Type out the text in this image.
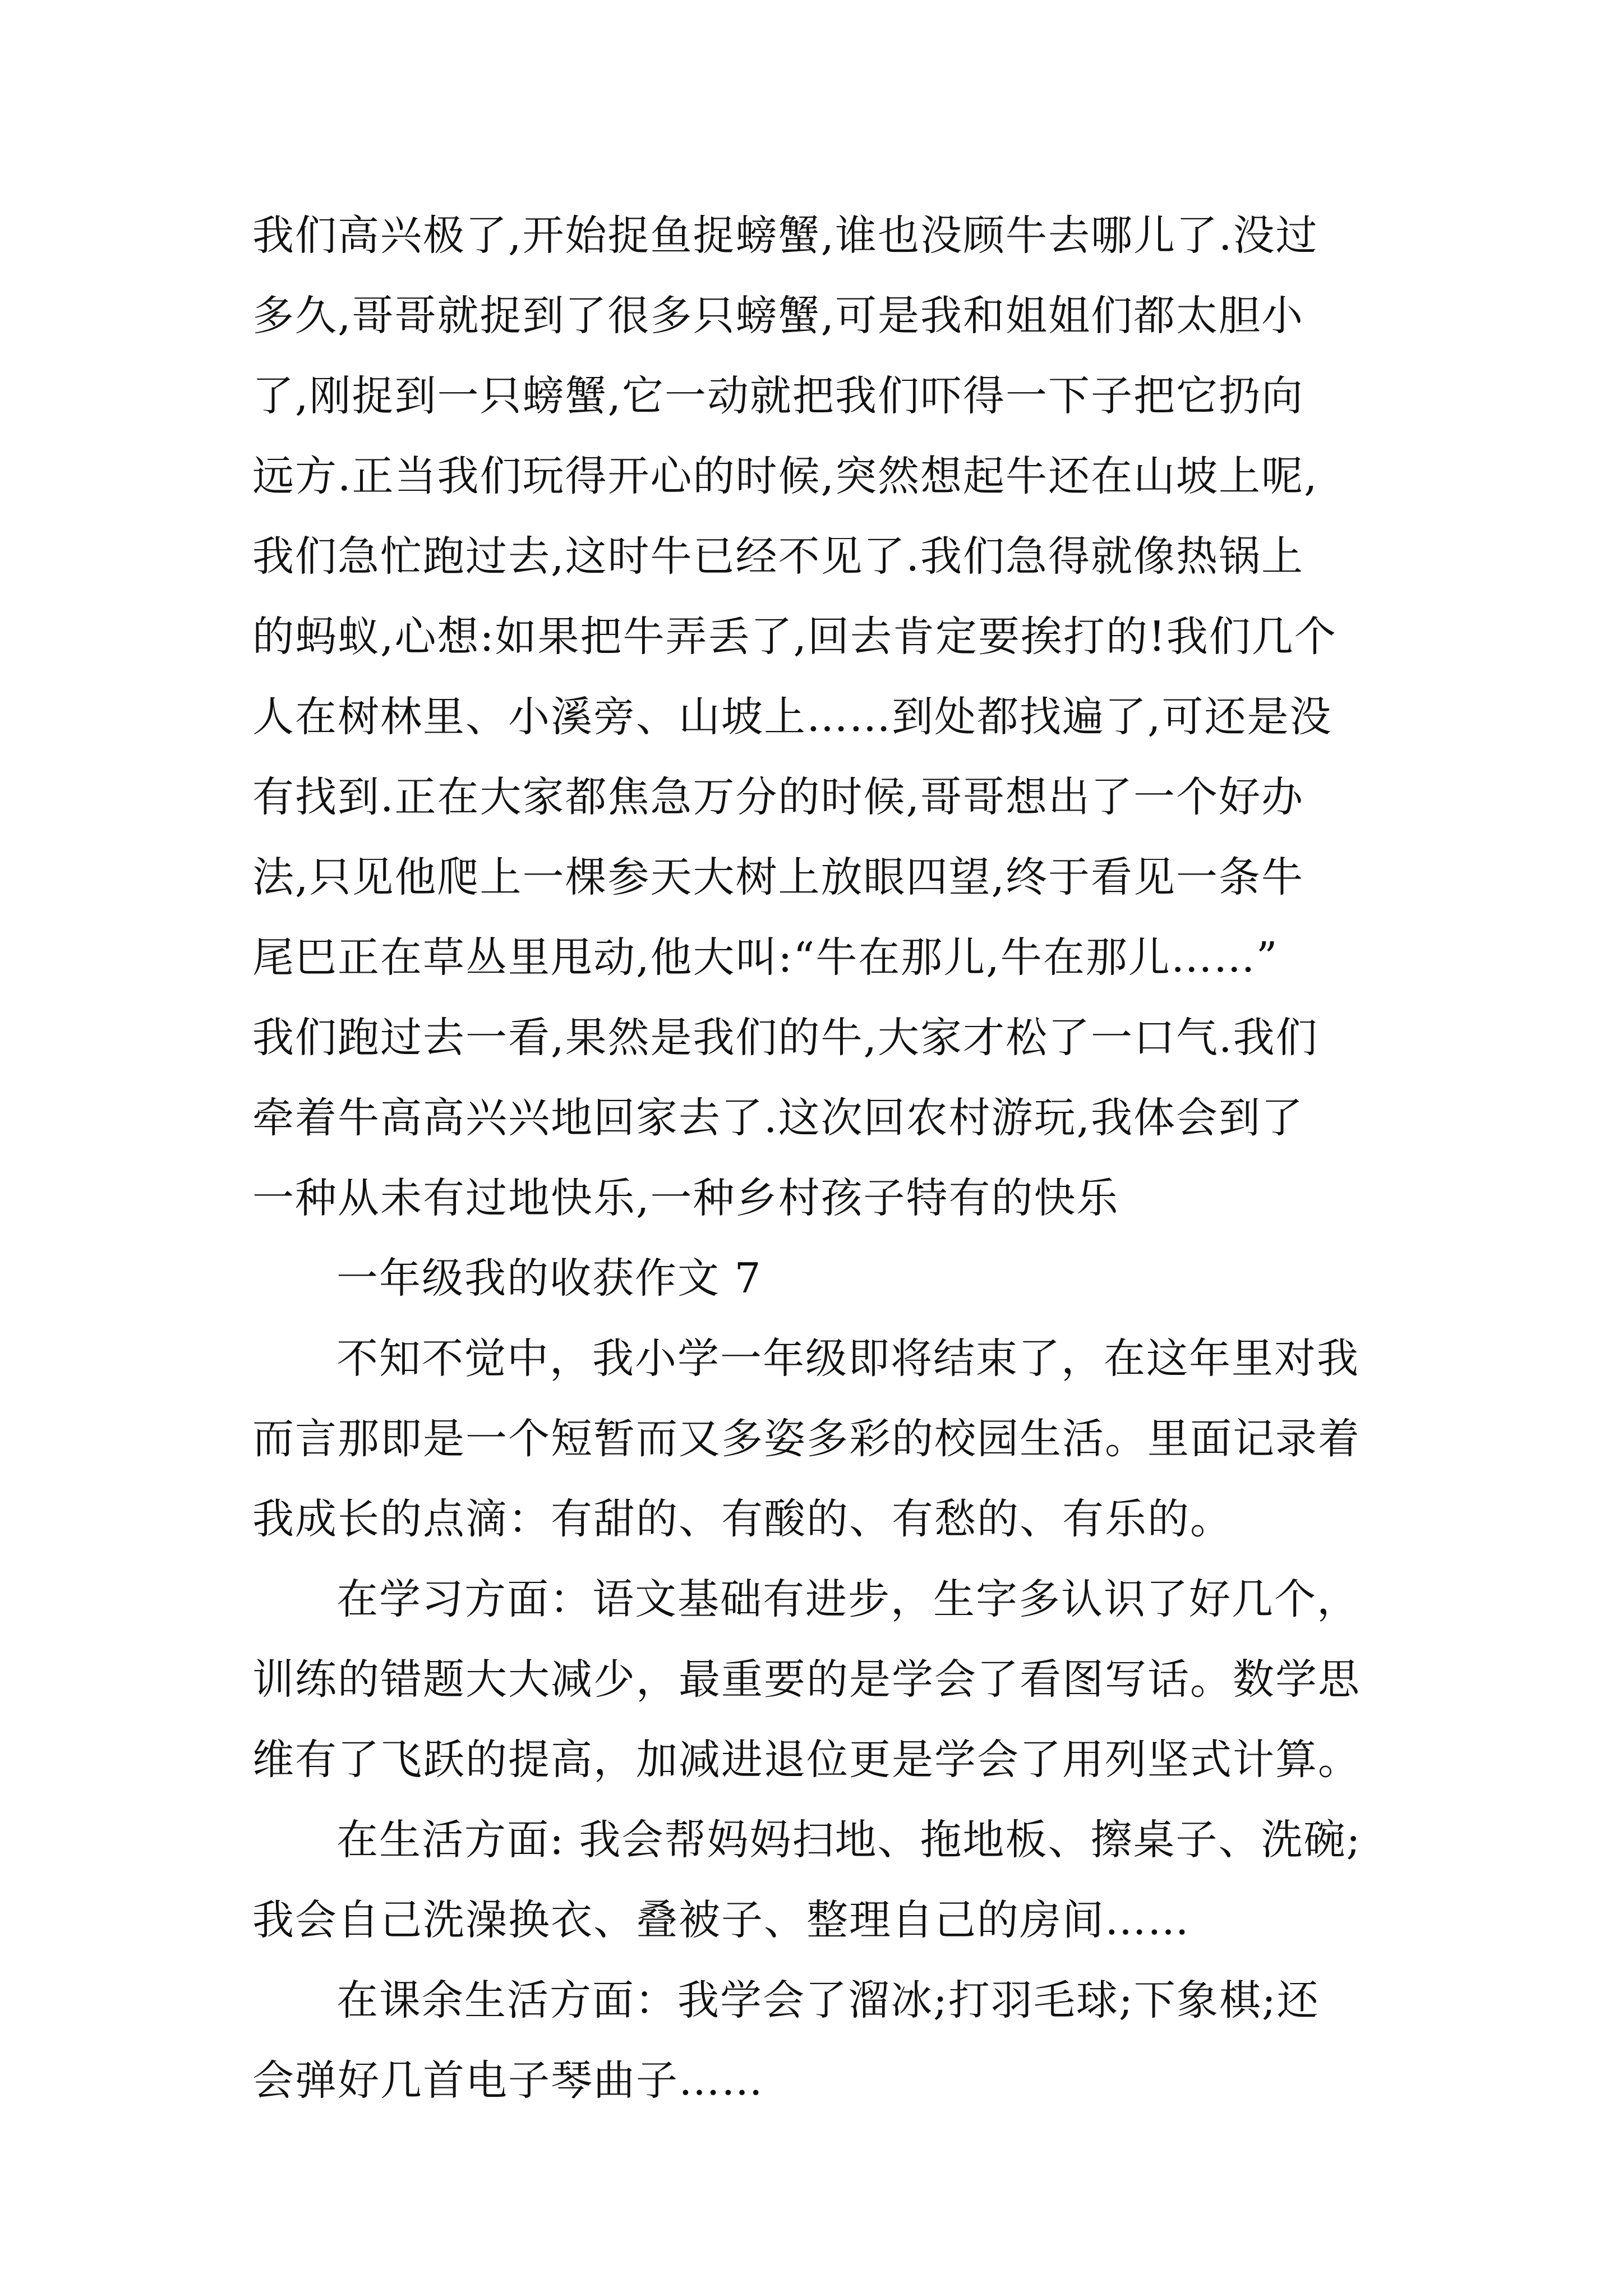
我们高兴极了,开始捉鱼捉螃蟹,谁也没顾牛去哪儿了.没过
多久,哥哥就捉到了很多只螃蟹,可是我和姐姐们都太胆小
了,刚捉到一只螃蟹,它一动就把我们吓得一下子把它扔向
远方.正当我们玩得开心的时候,突然想起牛还在山坡上呢,
我们急忙跑过去,这时牛已经不见了.我们急得就像热锅上
的蚂蚁,心想:如果把牛弄丢了,回去肯定要挨打的!我们几个
人在树林里、小溪旁、山坡上……到处都找遍了,可还是没
有找到.正在大家都焦急万分的时候,哥哥想出了一个好办
法,只见他爬上一棵参天大树上放眼四望,终于看见一条牛
尾巴正在草丛里甩动,他大叫:“牛在那儿,牛在那儿……”
我们跑过去一看,果然是我们的牛,大家才松了一口气.我们
牵着牛高高兴兴地回家去了.这次回农村游玩,我体会到了
一种从未有过地快乐,一种乡村孩子特有的快乐
一年级我的收获作文 7
不知不觉中，我小学一年级即将结束了，在这年里对我
而言那即是一个短暂而又多姿多彩的校园生活。里面记录着
我成长的点滴：有甜的、有酸的、有愁的、有乐的。
在学习方面：语文基础有进步，生字多认识了好几个，
训练的错题大大减少，最重要的是学会了看图写话。数学思
维有了飞跃的提高，加减进退位更是学会了用列坚式计算。
在生活方面: 我会帮妈妈扫地、拖地板、擦桌子、洗碗;
我会自己洗澡换衣、叠被子、整理自己的房间……
在课余生活方面：我学会了溜冰;打羽毛球;下象棋;还
会弹好几首电子琴曲子……
